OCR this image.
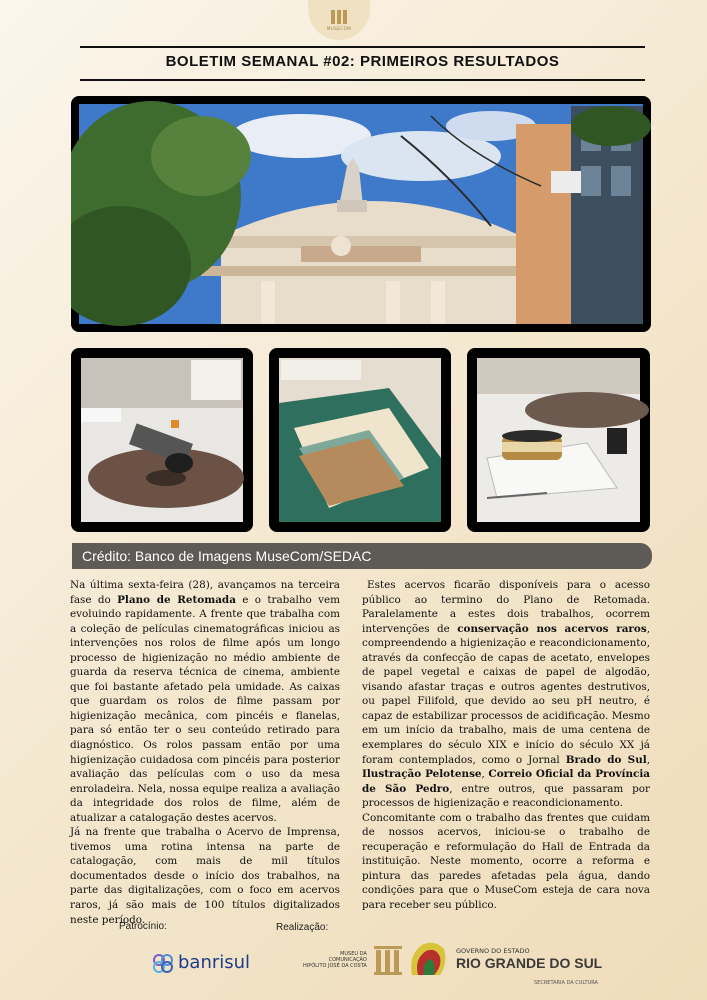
MUSECOM
BOLETIM SEMANAL #02: PRIMEIROS RESULTADOS
Crédito: Banco de Imagens MuseCom/SEDAC

Na última sexta-feira (28), avançamos na terceira fase do Plano de Retomada e o trabalho vem evoluindo rapidamente. A frente que trabalha com a coleção de películas cinematográficas iniciou as intervenções nos rolos de filme após um longo processo de higienização no médio ambiente de guarda da reserva técnica de cinema, ambiente que foi bastante afetado pela umidade. As caixas que guardam os rolos de filme passam por higienização mecânica, com pincéis e flanelas, para só então ter o seu conteúdo retirado para diagnóstico. Os rolos passam então por uma higienização cuidadosa com pincéis para posterior avaliação das películas com o uso da mesa enroladeira. Nela, nossa equipe realiza a avaliação da integridade dos rolos de filme, além de atualizar a catalogação destes acervos.

Já na frente que trabalha o Acervo de Imprensa, tivemos uma rotina intensa na parte de catalogação, com mais de mil títulos documentados desde o início dos trabalhos, na parte das digitalizações, com o foco em acervos raros, já são mais de 100 títulos digitalizados neste período.

Estes acervos ficarão disponíveis para o acesso público ao termino do Plano de Retomada. Paralelamente a estes dois trabalhos, ocorrem intervenções de conservação nos acervos raros, compreendendo a higienização e reacondicionamento, através da confecção de capas de acetato, envelopes de papel vegetal e caixas de papel de algodão, visando afastar traças e outros agentes destrutivos, ou papel Filifold, que devido ao seu pH neutro, é capaz de estabilizar processos de acidificação. Mesmo em um início da trabalho, mais de uma centena de exemplares do século XIX e início do século XX já foram contemplados, como o Jornal Brado do Sul, Ilustração Pelotense, Correio Oficial da Província de São Pedro, entre outros, que passaram por processos de higienização e reacondicionamento.

Concomitante com o trabalho das frentes que cuidam de nossos acervos, iniciou-se o trabalho de recuperação e reformulação do Hall de Entrada da instituição. Neste momento, ocorre a reforma e pintura das paredes afetadas pela água, dando condições para que o MuseCom esteja de cara nova para receber seu público.

Patrocínio:	Realização:
banrisul	MUSEU DA
COMUNICAÇÃO
HIPÓLITO JOSÉ DA COSTA
GOVERNO DO ESTADO
RIO GRANDE DO SUL
SECRETARIA DA CULTURA
